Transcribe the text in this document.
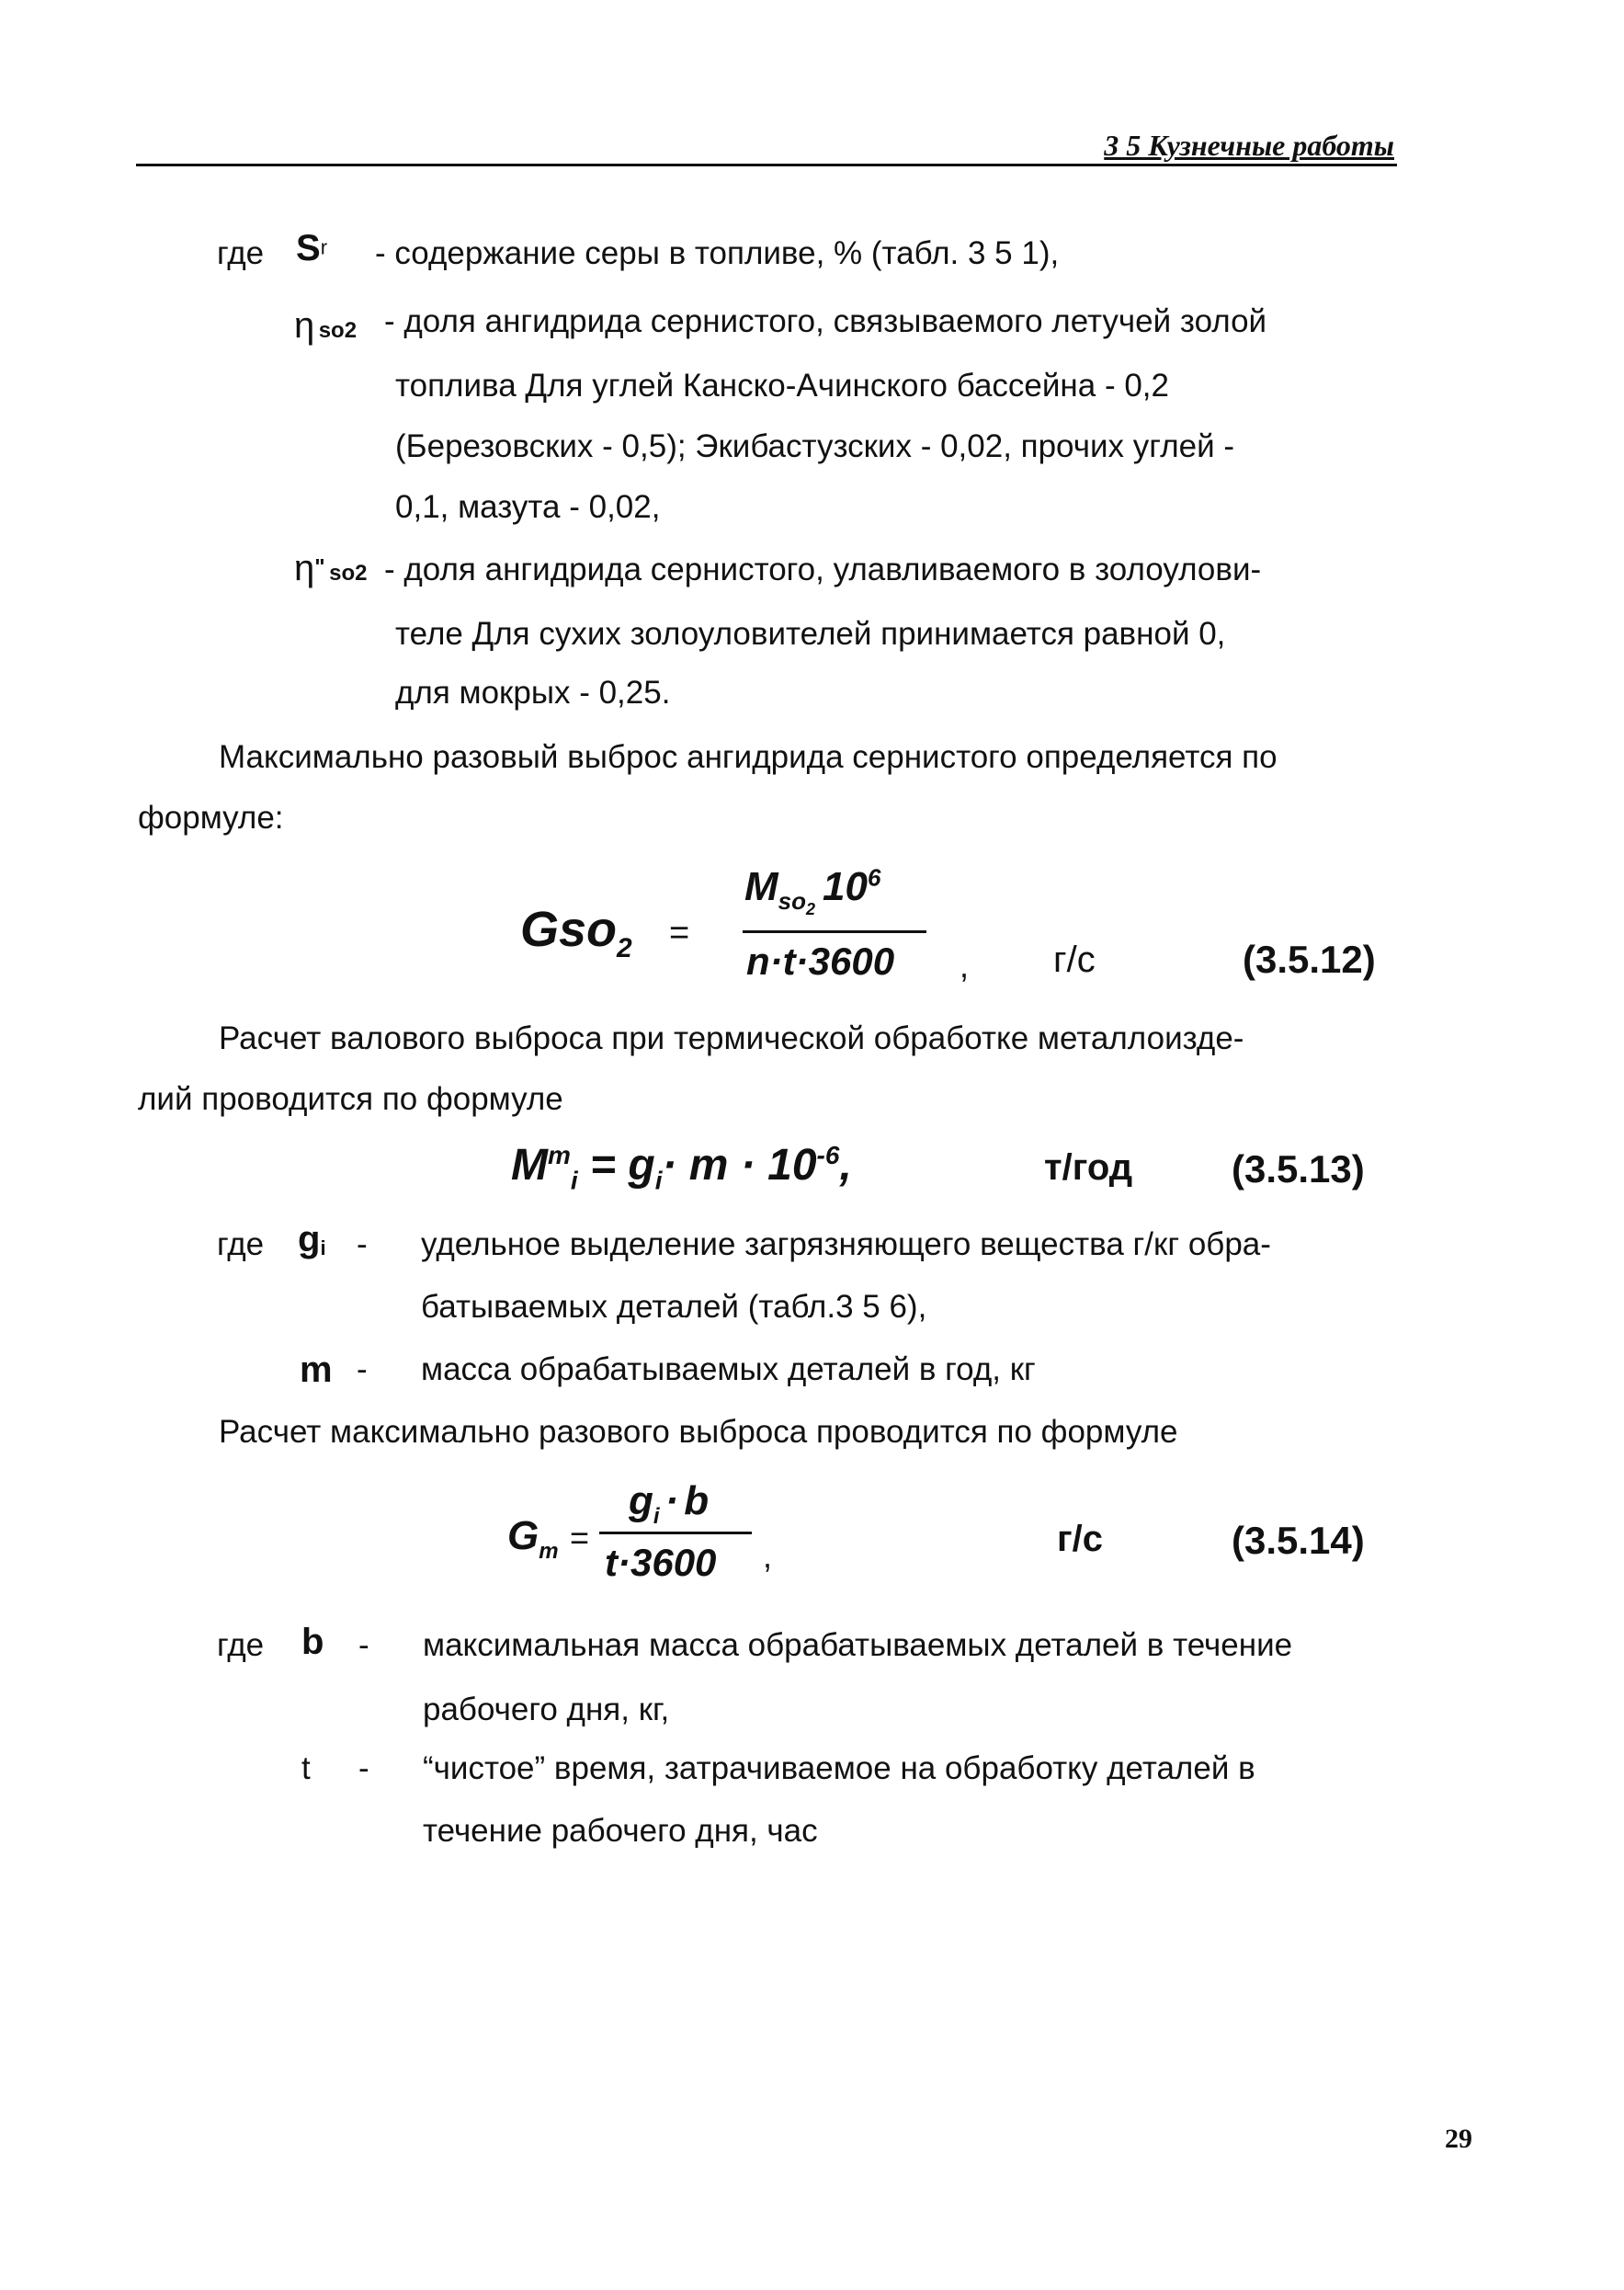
3 5 Кузнечные работы
где $S^r$ - содержание серы в топливе, % (табл. 3 5 1),
η so2 - доля ангидрида сернистого, связываемого летучей золой
топлива Для углей Канско-Ачинского бассейна - 0,2
(Березовских - 0,5); Экибастузских - 0,02, прочих углей -
0,1, мазута - 0,02,
η" so2 - доля ангидрида сернистого, улавливаемого в золоулови-
теле Для сухих золоуловителей принимается равной 0,
для мокрых - 0,25.
Максимально разовый выброс ангидрида сернистого определяется по
формуле:
Gso$_2$ =
$M_{so_2}$ $10^6$
n·t·3600 , г/с	(3.5.12)
Расчет валового выброса при термической обработке металлоизде-
лий проводится по формуле
$M^m_i = g_i\cdot m \cdot 10^{-6}$,	т/год	(3.5.13)
где $g_i$ - удельное выделение загрязняющего вещества г/кг обра-
батываемых деталей (табл.3 5 6),
m - масса обрабатываемых деталей в год, кг
Расчет максимально разового выброса проводится по формуле
$G_т$ =
$g_i \cdot b$
t·3600 ,	г/с	(3.5.14)
где b - максимальная масса обрабатываемых деталей в течение
рабочего дня, кг,
t - “чистое” время, затрачиваемое на обработку деталей в
течение рабочего дня, час
29
